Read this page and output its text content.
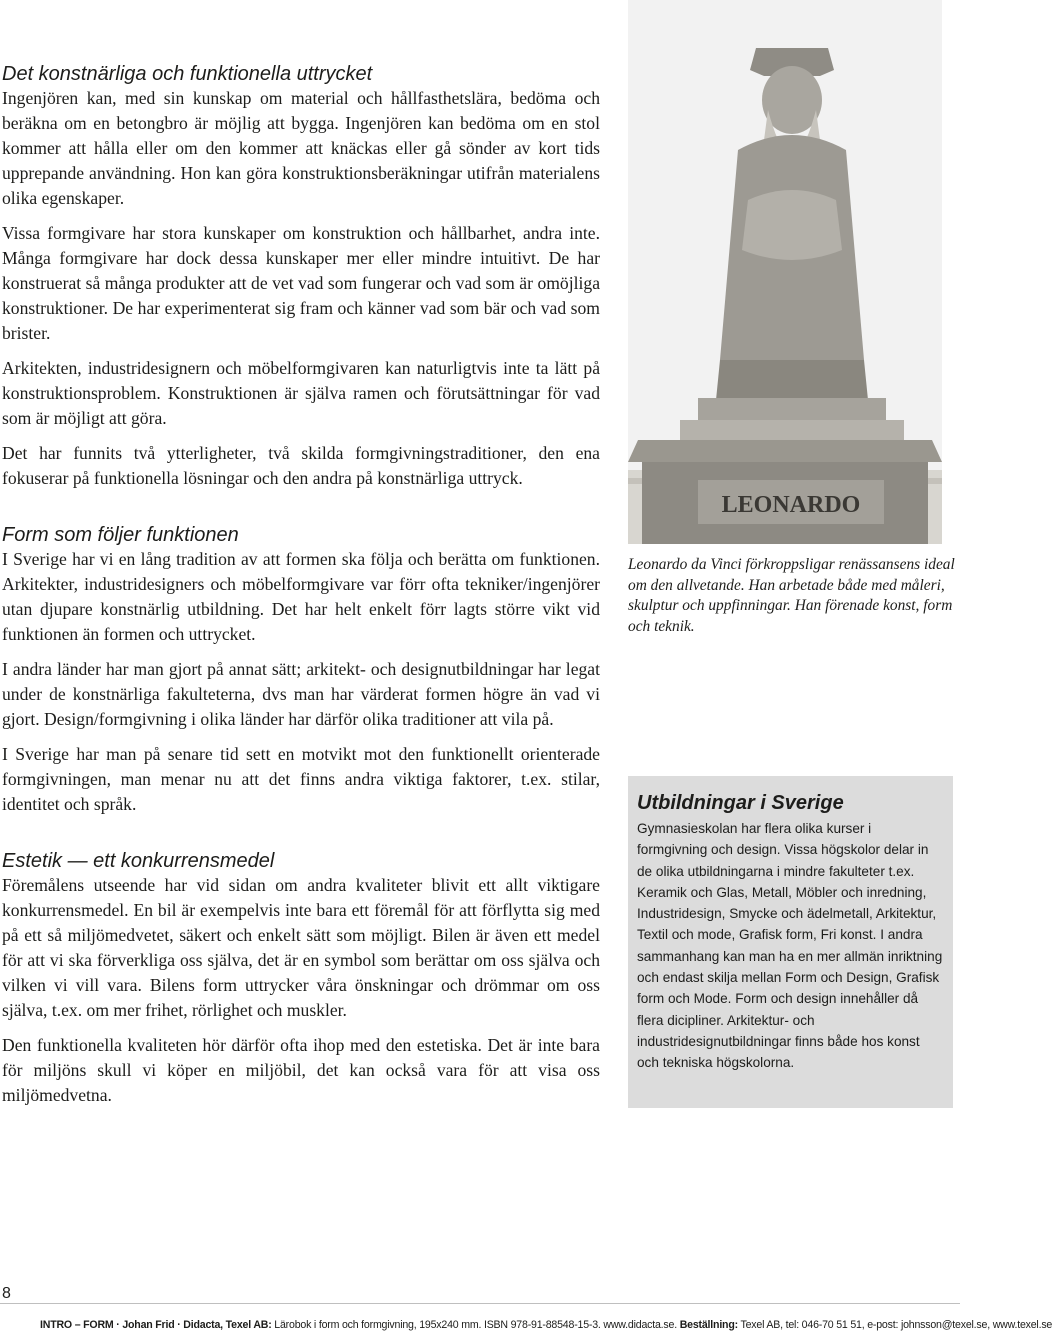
Det konstnärliga och funktionella uttrycket

Ingenjören kan, med sin kunskap om material och hållfasthetslära, bedöma och beräkna om en betongbro är möjlig att bygga. Ingenjören kan bedöma om en stol kommer att hålla eller om den kommer att knäckas eller gå sönder av kort tids upprepande användning. Hon kan göra konstruktionsberäkningar utifrån materialens olika egenskaper.

Vissa formgivare har stora kunskaper om konstruktion och hållbarhet, andra inte. Många formgivare har dock dessa kunskaper mer eller mindre intuitivt. De har konstruerat så många produkter att de vet vad som fungerar och vad som är omöjliga konstruktioner. De har experimenterat sig fram och känner vad som bär och vad som brister.

Arkitekten, industridesignern och möbelformgivaren kan naturligtvis inte ta lätt på konstruktionsproblem. Konstruktionen är själva ramen och förutsättningar för vad som är möjligt att göra.

Det har funnits två ytterligheter, två skilda formgivningstraditioner, den ena fokuserar på funktionella lösningar och den andra på konstnärliga uttryck.

Form som följer funktionen

I Sverige har vi en lång tradition av att formen ska följa och berätta om funktionen. Arkitekter, industridesigners och möbelformgivare var förr ofta tekniker/ingenjörer utan djupare konstnärlig utbildning. Det har helt enkelt förr lagts större vikt vid funktionen än formen och uttrycket.

I andra länder har man gjort på annat sätt; arkitekt- och designutbildningar har legat under de konstnärliga fakulteterna, dvs man har värderat formen högre än vad vi gjort. Design/formgivning i olika länder har därför olika traditioner att vila på.

I Sverige har man på senare tid sett en motvikt mot den funktionellt orienterade formgivningen, man menar nu att det finns andra viktiga faktorer, t.ex. stilar, identitet och språk.

Estetik — ett konkurrensmedel

Föremålens utseende har vid sidan om andra kvaliteter blivit ett allt viktigare konkurrensmedel. En bil är exempelvis inte bara ett föremål för att förflytta sig med på ett så miljömedvetet, säkert och enkelt sätt som möjligt. Bilen är även ett medel för att vi ska förverkliga oss själva, det är en symbol som berättar om oss själva och vilken vi vill vara. Bilens form uttrycker våra önskningar och drömmar om oss själva, t.ex. om mer frihet, rörlighet och muskler.

Den funktionella kvaliteten hör därför ofta ihop med den estetiska. Det är inte bara för miljöns skull vi köper en miljöbil, det kan också vara för att visa oss miljömedvetna.

LEONARDO

Leonardo da Vinci förkroppsligar renässansens ideal om den allvetande. Han arbetade både med måleri, skulptur och uppfinningar. Han förenade konst, form och teknik.

Utbildningar i Sverige

Gymnasieskolan har flera olika kurser i formgivning och design. Vissa högskolor delar in de olika utbildningarna i mindre fakulteter t.ex. Keramik och Glas, Metall, Möbler och inredning, Industridesign, Smycke och ädelmetall, Arkitektur, Textil och mode, Grafisk form, Fri konst. I andra sammanhang kan man ha en mer allmän inriktning och endast skilja mellan Form och Design, Grafisk form och Mode. Form och design innehåller då flera dicipliner. Arkitektur- och industridesignutbildningar finns både hos konst och tekniska högskolorna.

8
INTRO – FORM · Johan Frid · Didacta, Texel AB: Lärobok i form och formgivning, 195x240 mm. ISBN 978-91-88548-15-3. www.didacta.se. Beställning: Texel AB, tel: 046-70 51 51, e-post: johnsson@texel.se, www.texel.se
